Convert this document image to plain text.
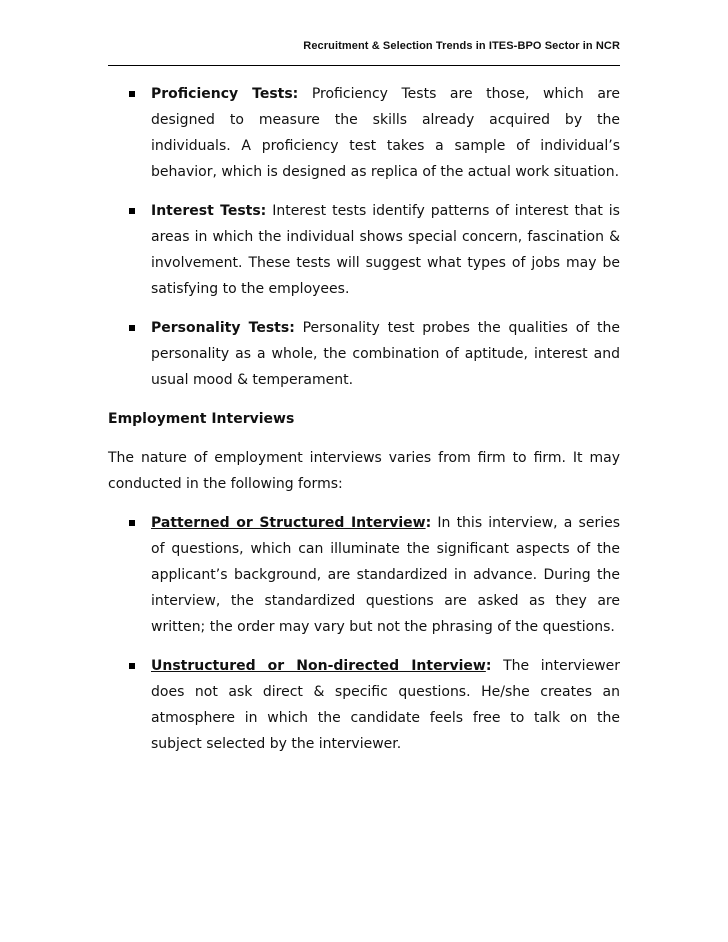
Recruitment & Selection Trends in ITES-BPO Sector in NCR
Proficiency Tests: Proficiency Tests are those, which are designed to measure the skills already acquired by the individuals. A proficiency test takes a sample of individual’s behavior, which is designed as replica of the actual work situation.
Interest Tests: Interest tests identify patterns of interest that is areas in which the individual shows special concern, fascination & involvement. These tests will suggest what types of jobs may be satisfying to the employees.
Personality Tests: Personality test probes the qualities of the personality as a whole, the combination of aptitude, interest and usual mood & temperament.
Employment Interviews
The nature of employment interviews varies from firm to firm. It may conducted in the following forms:
Patterned or Structured Interview: In this interview, a series of questions, which can illuminate the significant aspects of the applicant’s background, are standardized in advance. During the interview, the standardized questions are asked as they are written; the order may vary but not the phrasing of the questions.
Unstructured or Non-directed Interview: The interviewer does not ask direct & specific questions. He/she creates an atmosphere in which the candidate feels free to talk on the subject selected by the interviewer.
